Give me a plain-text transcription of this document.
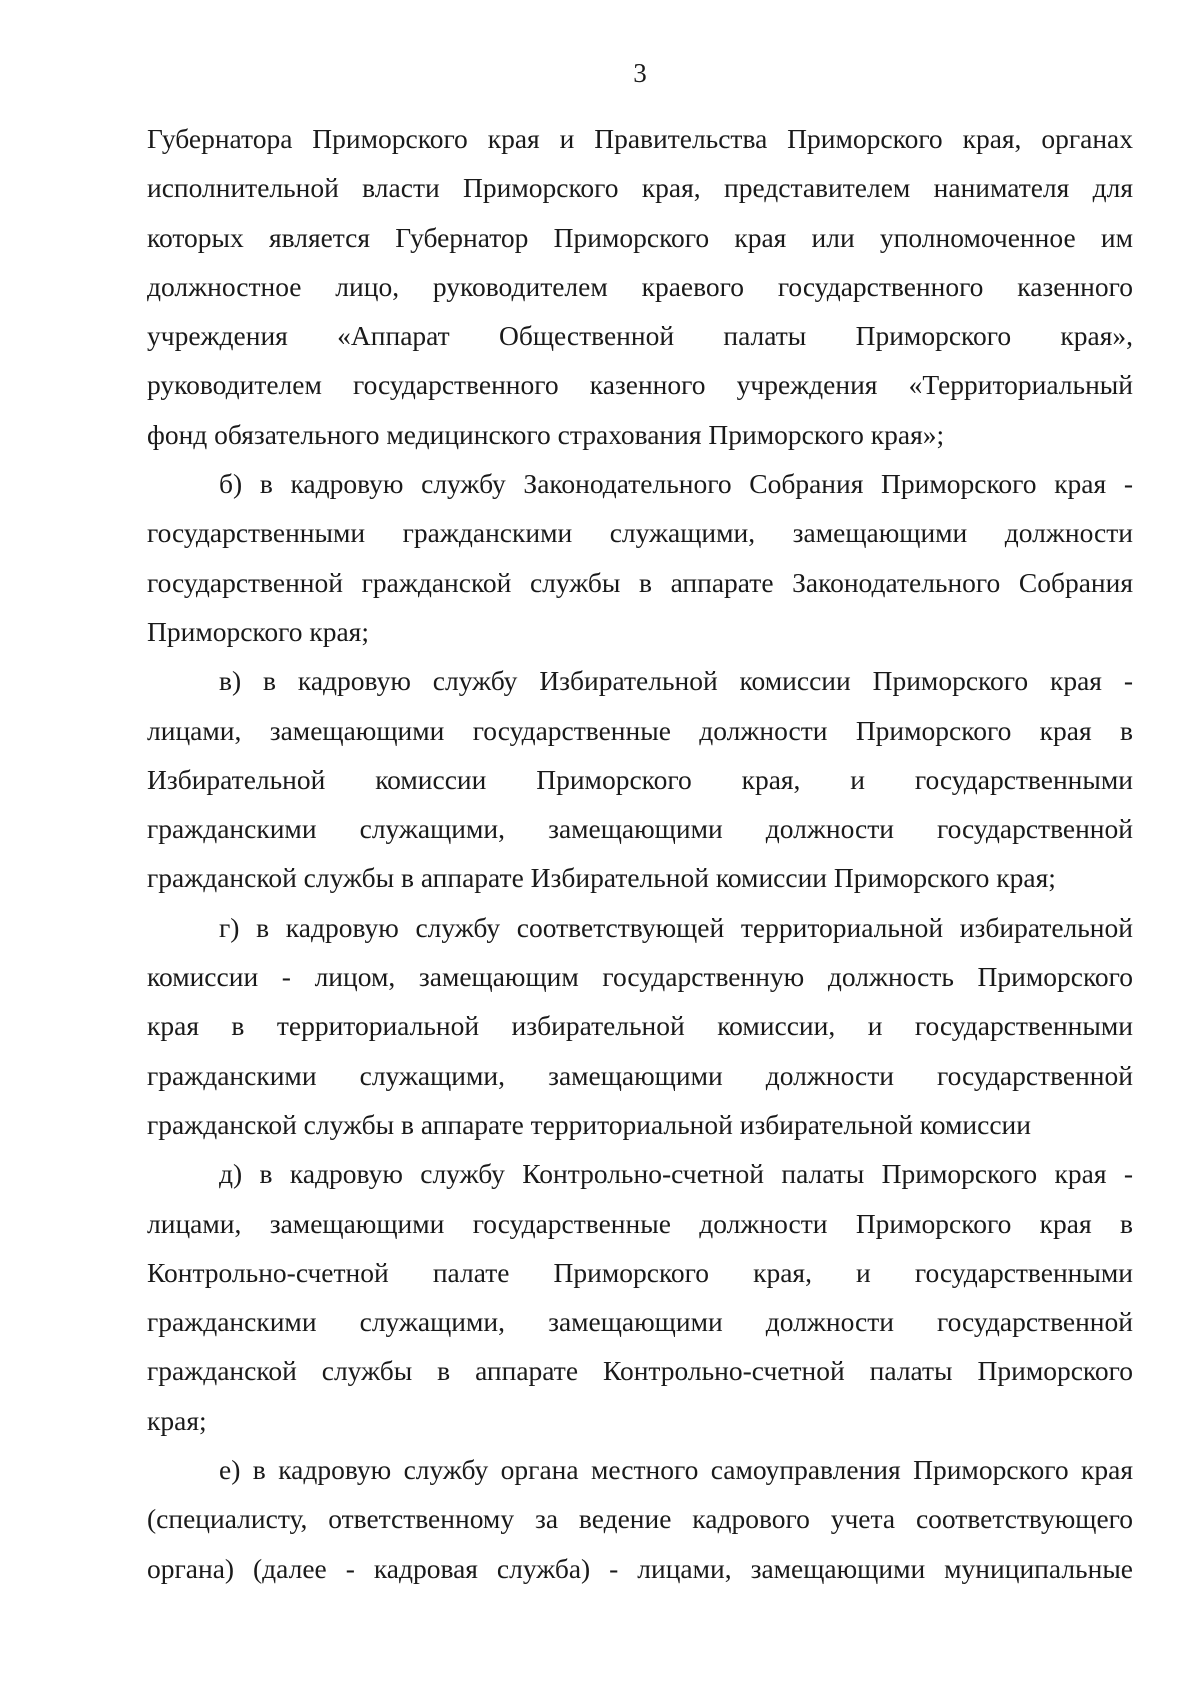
3
Губернатора Приморского края и Правительства Приморского края, органах
исполнительной власти Приморского края, представителем нанимателя для
которых является Губернатор Приморского края или уполномоченное им
должностное лицо, руководителем краевого государственного казенного
учреждения «Аппарат Общественной палаты Приморского края»,
руководителем государственного казенного учреждения «Территориальный
фонд обязательного медицинского страхования Приморского края»;
б) в кадровую службу Законодательного Собрания Приморского края -
государственными гражданскими служащими, замещающими должности
государственной гражданской службы в аппарате Законодательного Собрания
Приморского края;
в) в кадровую службу Избирательной комиссии Приморского края -
лицами, замещающими государственные должности Приморского края в
Избирательной комиссии Приморского края, и государственными
гражданскими служащими, замещающими должности государственной
гражданской службы в аппарате Избирательной комиссии Приморского края;
г) в кадровую службу соответствующей территориальной избирательной
комиссии - лицом, замещающим государственную должность Приморского
края в территориальной избирательной комиссии, и государственными
гражданскими служащими, замещающими должности государственной
гражданской службы в аппарате территориальной избирательной комиссии
д) в кадровую службу Контрольно-счетной палаты Приморского края -
лицами, замещающими государственные должности Приморского края в
Контрольно-счетной палате Приморского края, и государственными
гражданскими служащими, замещающими должности государственной
гражданской службы в аппарате Контрольно-счетной палаты Приморского
края;
е) в кадровую службу органа местного самоуправления Приморского края
(специалисту, ответственному за ведение кадрового учета соответствующего
органа) (далее - кадровая служба) - лицами, замещающими муниципальные
